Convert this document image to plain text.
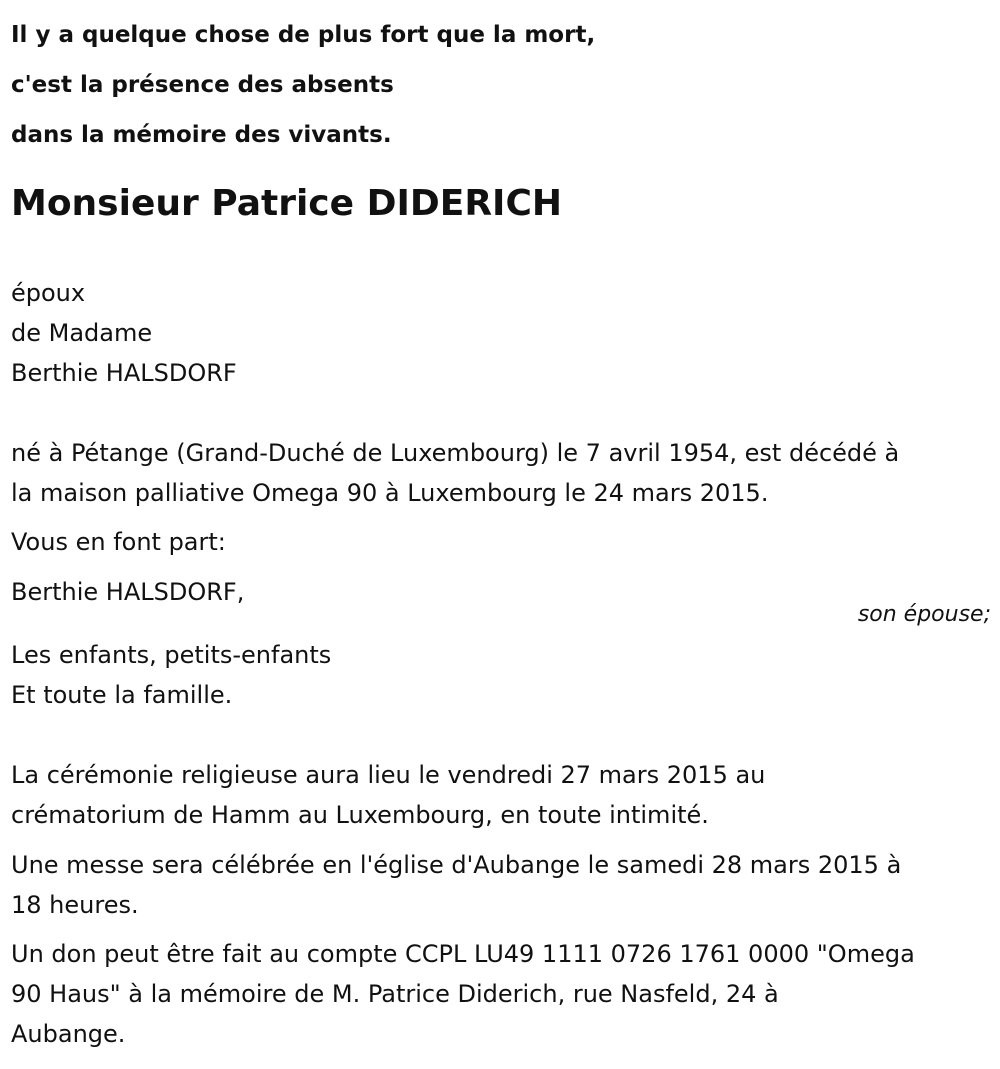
Il y a quelque chose de plus fort que la mort,
c'est la présence des absents
dans la mémoire des vivants.
Monsieur Patrice DIDERICH
époux
de Madame
Berthie HALSDORF
né à Pétange (Grand-Duché de Luxembourg) le 7 avril 1954, est décédé à
la maison palliative Omega 90 à Luxembourg le 24 mars 2015.
Vous en font part:
Berthie HALSDORF,
son épouse;
Les enfants, petits-enfants
Et toute la famille.
La cérémonie religieuse aura lieu le vendredi 27 mars 2015 au
crématorium de Hamm au Luxembourg, en toute intimité.
Une messe sera célébrée en l'église d'Aubange le samedi 28 mars 2015 à
18 heures.
Un don peut être fait au compte CCPL LU49 1111 0726 1761 0000 "Omega
90 Haus" à la mémoire de M. Patrice Diderich, rue Nasfeld, 24 à
Aubange.
